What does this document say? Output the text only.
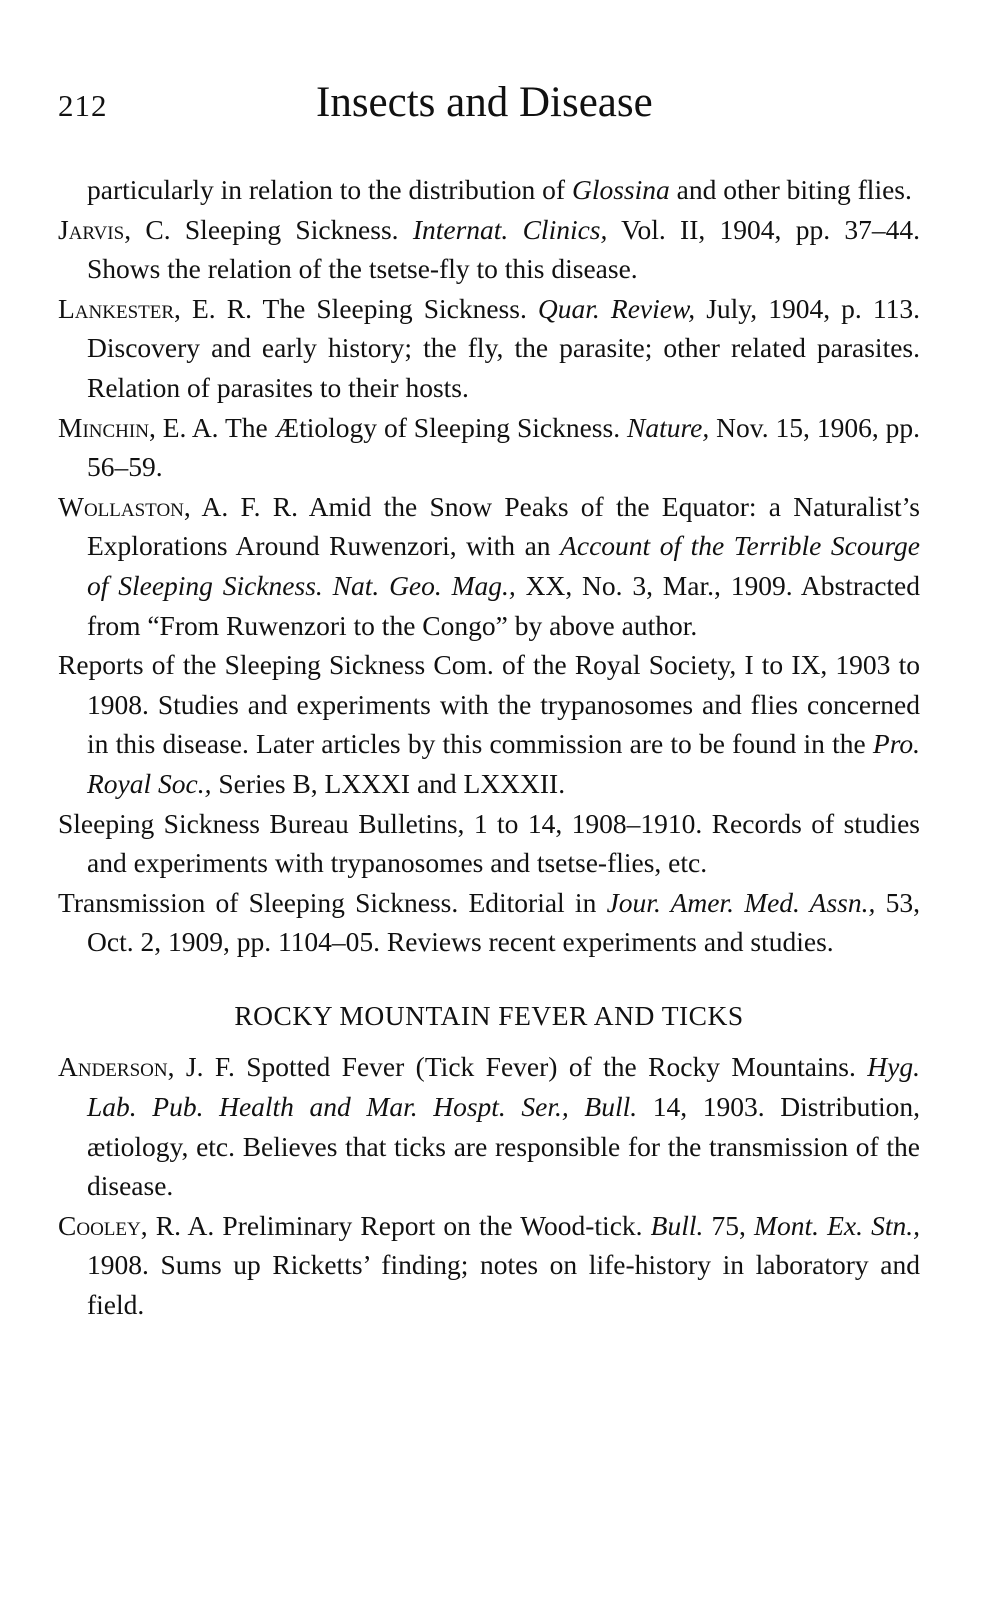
212	Insects and Disease
particularly in relation to the distribution of Glossina and other biting flies.
Jarvis, C. Sleeping Sickness. Internat. Clinics, Vol. II, 1904, pp. 37–44. Shows the relation of the tsetse-fly to this disease.
Lankester, E. R. The Sleeping Sickness. Quar. Review, July, 1904, p. 113. Discovery and early history; the fly, the parasite; other related parasites. Relation of parasites to their hosts.
Minchin, E. A. The Ætiology of Sleeping Sickness. Nature, Nov. 15, 1906, pp. 56–59.
Wollaston, A. F. R. Amid the Snow Peaks of the Equator: a Naturalist’s Explorations Around Ruwenzori, with an Account of the Terrible Scourge of Sleeping Sickness. Nat. Geo. Mag., XX, No. 3, Mar., 1909. Abstracted from “From Ruwenzori to the Congo” by above author.
Reports of the Sleeping Sickness Com. of the Royal Society, I to IX, 1903 to 1908. Studies and experiments with the trypanosomes and flies concerned in this disease. Later articles by this commission are to be found in the Pro. Royal Soc., Series B, LXXXI and LXXXII.
Sleeping Sickness Bureau Bulletins, 1 to 14, 1908–1910. Records of studies and experiments with trypanosomes and tsetse-flies, etc.
Transmission of Sleeping Sickness. Editorial in Jour. Amer. Med. Assn., 53, Oct. 2, 1909, pp. 1104–05. Reviews recent experiments and studies.
ROCKY MOUNTAIN FEVER AND TICKS
Anderson, J. F. Spotted Fever (Tick Fever) of the Rocky Mountains. Hyg. Lab. Pub. Health and Mar. Hospt. Ser., Bull. 14, 1903. Distribution, ætiology, etc. Believes that ticks are responsible for the transmission of the disease.
Cooley, R. A. Preliminary Report on the Wood-tick. Bull. 75, Mont. Ex. Stn., 1908. Sums up Ricketts’ finding; notes on life-history in laboratory and field.
